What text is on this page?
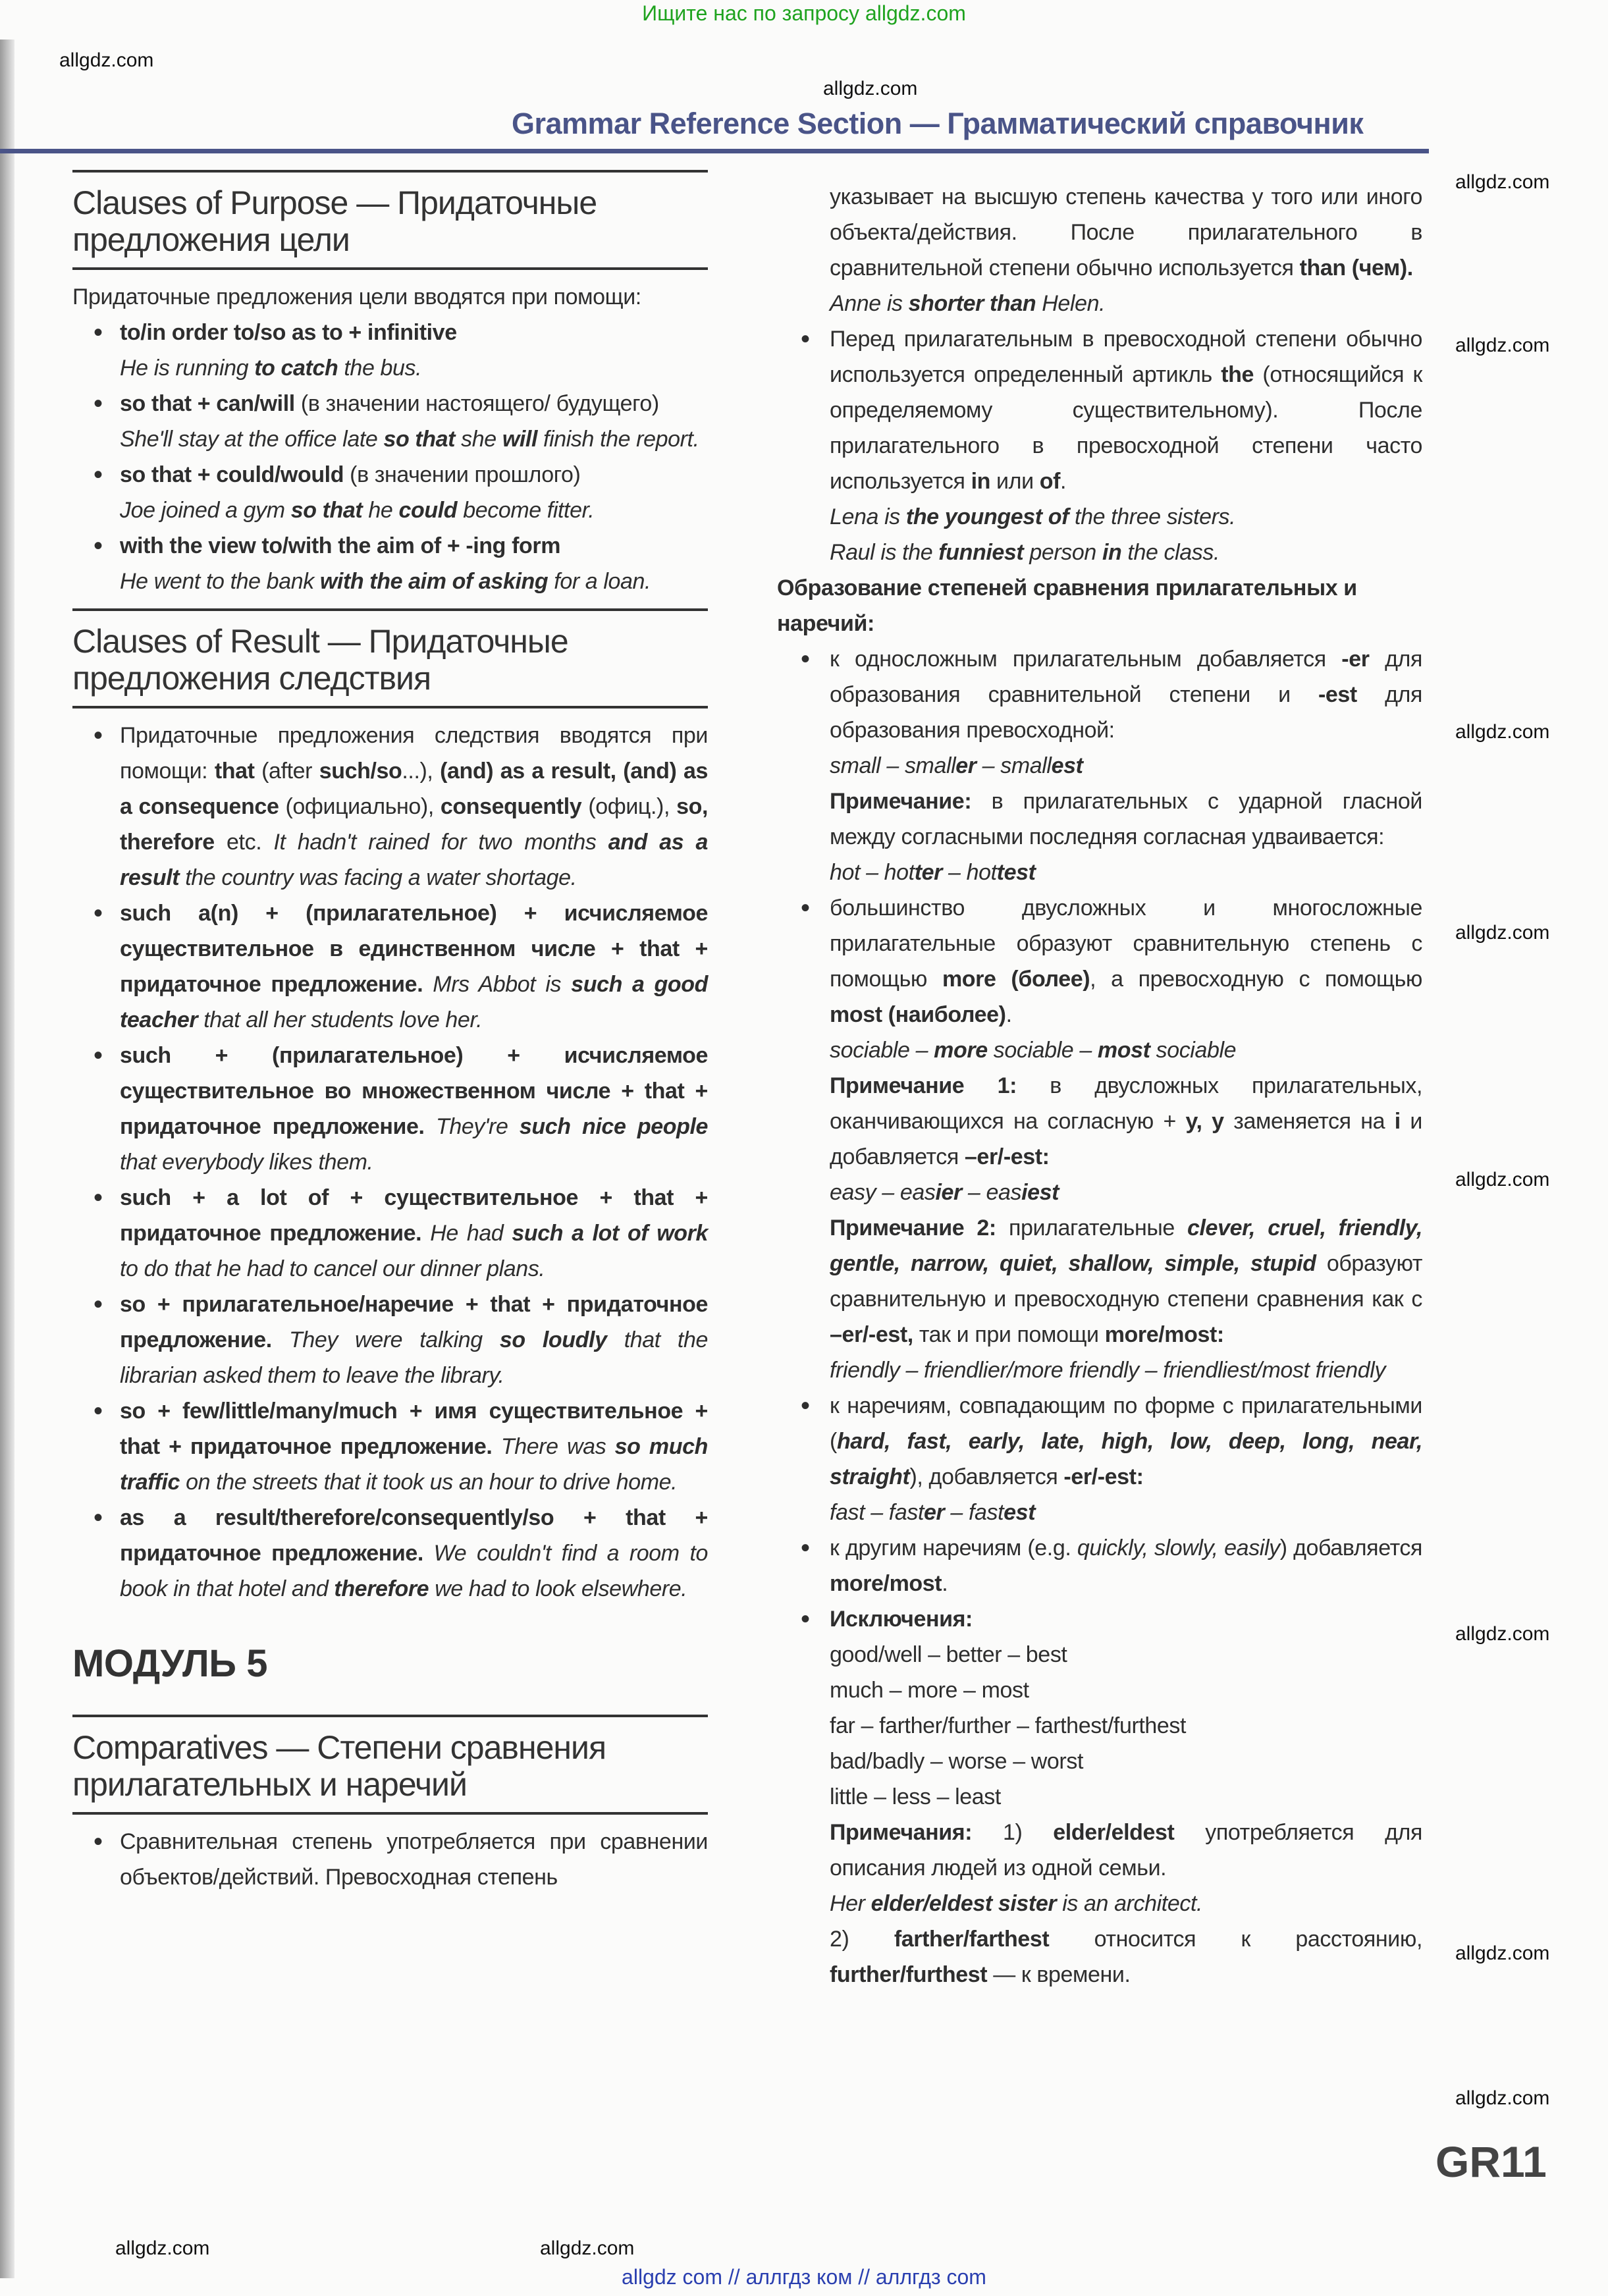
Ищите нас по запросу allgdz.com
Grammar Reference Section — Грамматический справочник
Clauses of Purpose — Придаточные предложения цели
Придаточные предложения цели вводятся при помощи:
• to/in order to/so as to + infinitive
He is running to catch the bus.
• so that + can/will (в значении настоящего/ будущего)
She'll stay at the office late so that she will finish the report.
• so that + could/would (в значении прошлого)
Joe joined a gym so that he could become fitter.
• with the view to/with the aim of + -ing form
He went to the bank with the aim of asking for a loan.
Clauses of Result — Придаточные предложения следствия
• Придаточные предложения следствия вводятся при помощи: that (after such/so...), (and) as a result, (and) as a consequence (официально), consequently (офиц.), so, therefore etc. It hadn't rained for two months and as a result the country was facing a water shortage.
• such a(n) + (прилагательное) + исчисляемое существительное в единственном числе + that + придаточное предложение. Mrs Abbot is such a good teacher that all her students love her.
• such + (прилагательное) + исчисляемое существительное во множественном числе + that + придаточное предложение. They're such nice people that everybody likes them.
• such + a lot of + существительное + that + придаточное предложение. He had such a lot of work to do that he had to cancel our dinner plans.
• so + прилагательное/наречие + that + придаточное предложение. They were talking so loudly that the librarian asked them to leave the library.
• so + few/little/many/much + имя существительное + that + придаточное предложение. There was so much traffic on the streets that it took us an hour to drive home.
• as a result/therefore/consequently/so + that + придаточное предложение. We couldn't find a room to book in that hotel and therefore we had to look elsewhere.
МОДУЛЬ 5
Comparatives — Степени сравнения прилагательных и наречий
• Сравнительная степень употребляется при сравнении объектов/действий. Превосходная степень
указывает на высшую степень качества у того или иного объекта/действия. После прилагательного в сравнительной степени обычно используется than (чем).
Anne is shorter than Helen.
• Перед прилагательным в превосходной степени обычно используется определенный артикль the (относящийся к определяемому существительному). После прилагательного в превосходной степени часто используется in или of.
Lena is the youngest of the three sisters.
Raul is the funniest person in the class.
Образование степеней сравнения прилагательных и наречий:
• к односложным прилагательным добавляется -er для образования сравнительной степени и -est для образования превосходной:
small – smaller – smallest
Примечание: в прилагательных с ударной гласной между согласными последняя согласная удваивается:
hot – hotter – hottest
• большинство двусложных и многосложные прилагательные образуют сравнительную степень с помощью more (более), а превосходную с помощью most (наиболее).
sociable – more sociable – most sociable
Примечание 1: в двусложных прилагательных, оканчивающихся на согласную + y, y заменяется на i и добавляется –er/-est:
easy – easier – easiest
Примечание 2: прилагательные clever, cruel, friendly, gentle, narrow, quiet, shallow, simple, stupid образуют сравнительную и превосходную степени сравнения как с –er/-est, так и при помощи more/most:
friendly – friendlier/more friendly – friendliest/most friendly
• к наречиям, совпадающим по форме с прилагательными (hard, fast, early, late, high, low, deep, long, near, straight), добавляется -er/-est:
fast – faster – fastest
• к другим наречиям (e.g. quickly, slowly, easily) добавляется more/most.
• Исключения:
good/well – better – best
much – more – most
far – farther/further – farthest/furthest
bad/badly – worse – worst
little – less – least
Примечания: 1) elder/eldest употребляется для описания людей из одной семьи.
Her elder/eldest sister is an architect.
2) farther/farthest относится к расстоянию, further/furthest — к времени.
GR11
allgdz.com
allgdz.com
allgdz.com
allgdz.com
allgdz.com
allgdz.com
allgdz.com
allgdz.com
allgdz.com
allgdz.com
allgdz.com
allgdz.com
allgdz com // аллгдз ком // аллгдз com
